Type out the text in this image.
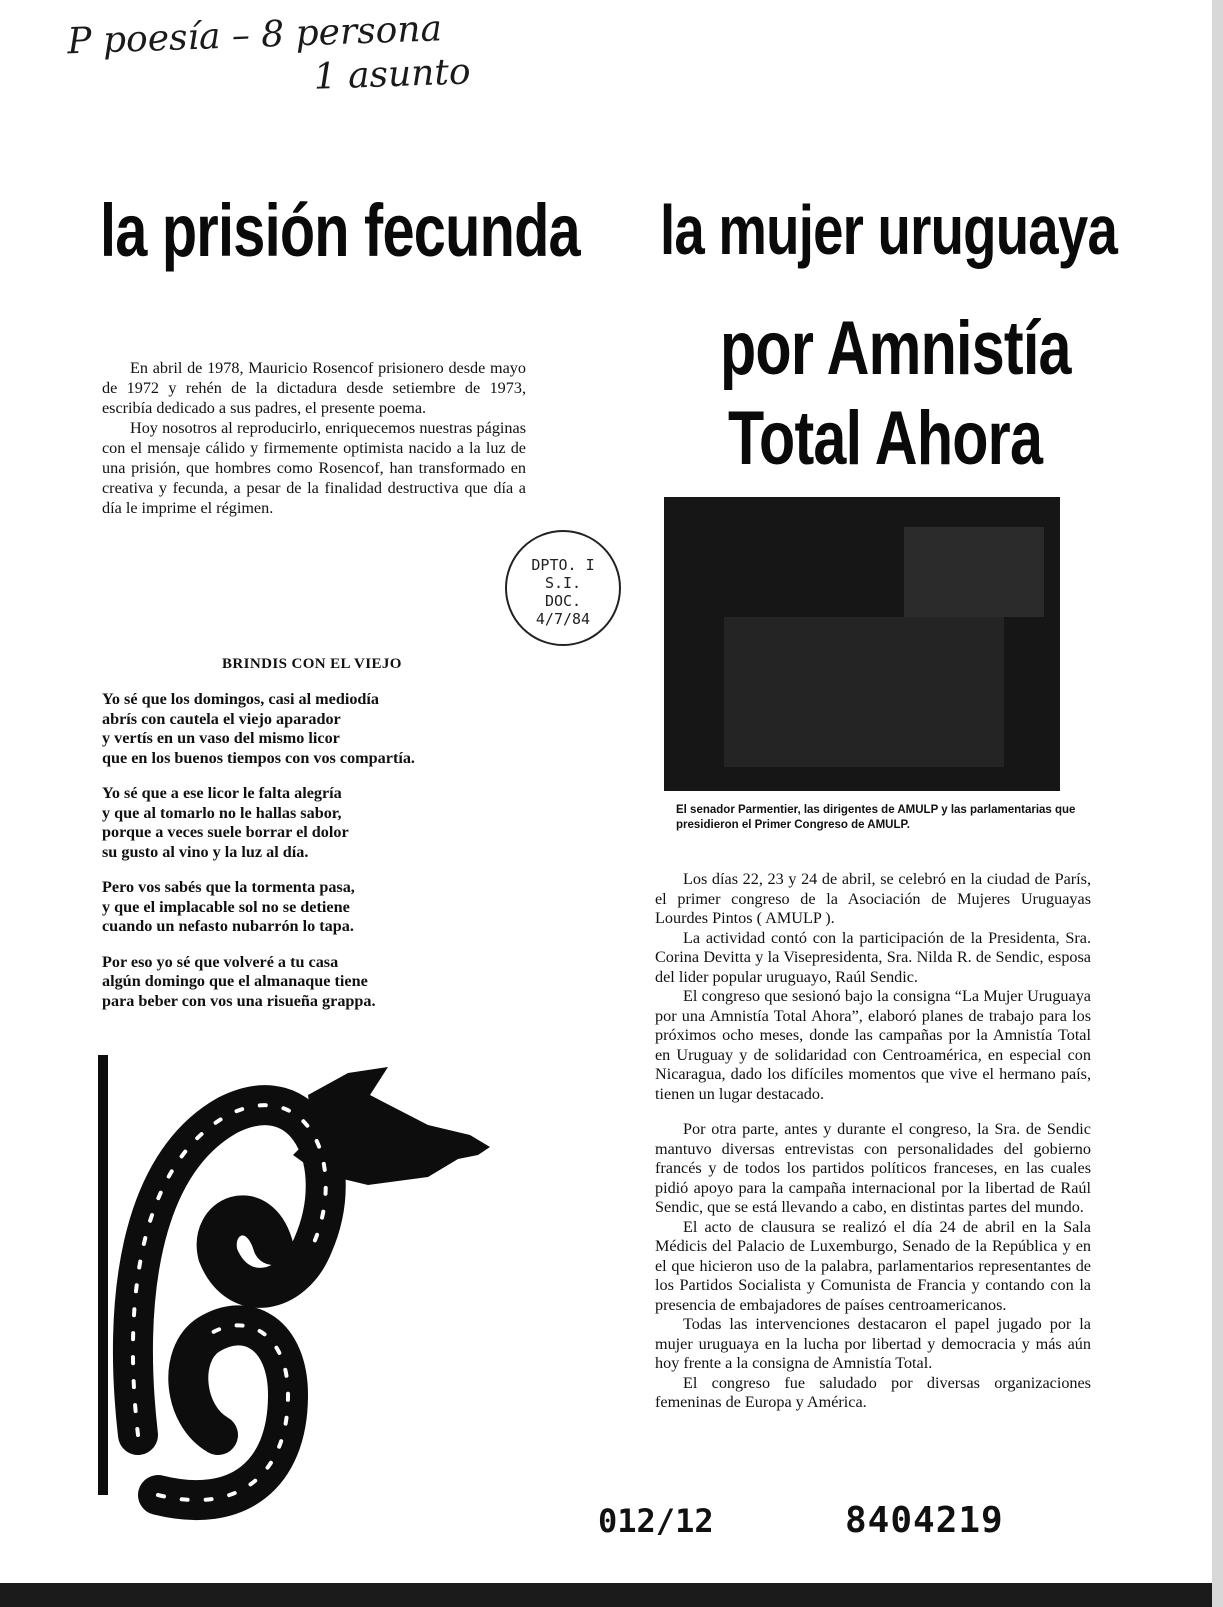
P poesía – 8 persona
1 asunto
la prisión fecunda la mujer uruguaya
por Amnistía
Total Ahora

En abril de 1978, Mauricio Rosencof prisionero desde mayo de 1972 y rehén de la dictadura desde setiembre de 1973, escribía dedicado a sus padres, el presente poema.

Hoy nosotros al reproducirlo, enriquecemos nuestras páginas con el mensaje cálido y firmemente optimista nacido a la luz de una prisión, que hombres como Rosencof, han transformado en creativa y fecunda, a pesar de la finalidad destructiva que día a día le imprime el régimen.

DPTO. I
S.I.
DOC.
4/7/84
BRINDIS CON EL VIEJO
Yo sé que los domingos, casi al mediodía
abrís con cautela el viejo aparador
y vertís en un vaso del mismo licor
que en los buenos tiempos con vos compartía.
Yo sé que a ese licor le falta alegría
y que al tomarlo no le hallas sabor,
porque a veces suele borrar el dolor
su gusto al vino y la luz al día.
Pero vos sabés que la tormenta pasa,
y que el implacable sol no se detiene
cuando un nefasto nubarrón lo tapa.
Por eso yo sé que volveré a tu casa
algún domingo que el almanaque tiene
para beber con vos una risueña grappa.
El senador Parmentier, las dirigentes de AMULP y las parlamentarias que presidieron el Primer Congreso de AMULP.

Los días 22, 23 y 24 de abril, se celebró en la ciudad de París, el primer congreso de la Asociación de Mujeres Uruguayas Lourdes Pintos ( AMULP ).

La actividad contó con la participación de la Presidenta, Sra. Corina Devitta y la Visepresidenta, Sra. Nilda R. de Sendic, esposa del lider popular uruguayo, Raúl Sendic.

El congreso que sesionó bajo la consigna “La Mujer Uruguaya por una Amnistía Total Ahora”, elaboró planes de trabajo para los próximos ocho meses, donde las campañas por la Amnistía Total en Uruguay y de solidaridad con Centroamérica, en especial con Nicaragua, dado los difíciles momentos que vive el hermano país, tienen un lugar destacado.

Por otra parte, antes y durante el congreso, la Sra. de Sendic mantuvo diversas entrevistas con personalidades del gobierno francés y de todos los partidos políticos franceses, en las cuales pidió apoyo para la campaña internacional por la libertad de Raúl Sendic, que se está llevando a cabo, en distintas partes del mundo.

El acto de clausura se realizó el día 24 de abril en la Sala Médicis del Palacio de Luxemburgo, Senado de la República y en el que hicieron uso de la palabra, parlamentarios representantes de los Partidos Socialista y Comunista de Francia y contando con la presencia de embajadores de países centroamericanos.

Todas las intervenciones destacaron el papel jugado por la mujer uruguaya en la lucha por libertad y democracia y más aún hoy frente a la consigna de Amnistía Total.

El congreso fue saludado por diversas organizaciones femeninas de Europa y América.

012/12	8404219
